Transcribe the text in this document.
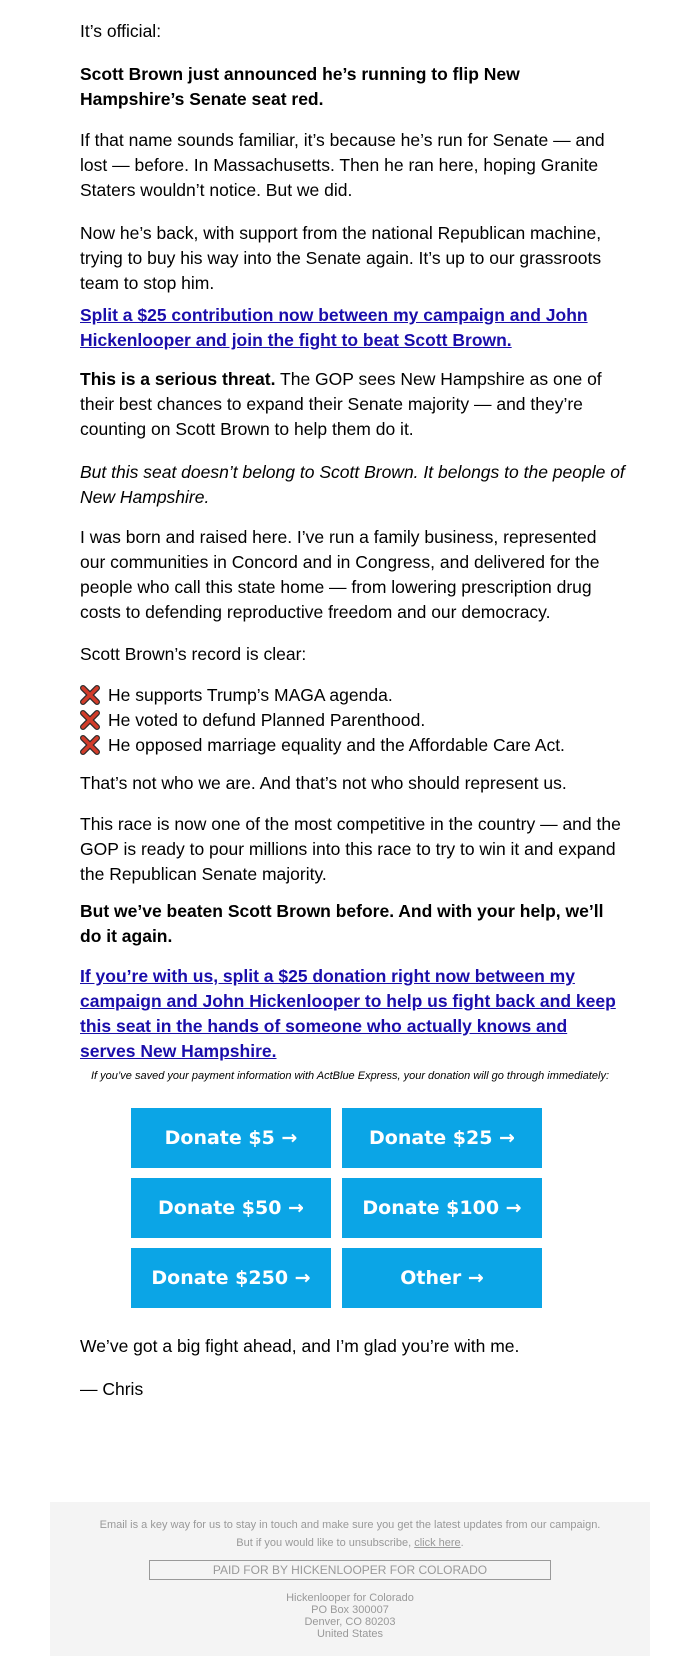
It’s official:
Scott Brown just announced he’s running to flip New Hampshire’s Senate seat red.
If that name sounds familiar, it’s because he’s run for Senate — and lost — before. In Massachusetts. Then he ran here, hoping Granite Staters wouldn’t notice. But we did.
Now he’s back, with support from the national Republican machine, trying to buy his way into the Senate again. It’s up to our grassroots team to stop him.
Split a $25 contribution now between my campaign and John Hickenlooper and join the fight to beat Scott Brown.
This is a serious threat. The GOP sees New Hampshire as one of their best chances to expand their Senate majority — and they’re counting on Scott Brown to help them do it.
But this seat doesn’t belong to Scott Brown. It belongs to the people of New Hampshire.
I was born and raised here. I’ve run a family business, represented our communities in Concord and in Congress, and delivered for the people who call this state home — from lowering prescription drug costs to defending reproductive freedom and our democracy.
Scott Brown’s record is clear:
He supports Trump’s MAGA agenda.
He voted to defund Planned Parenthood.
He opposed marriage equality and the Affordable Care Act.
That’s not who we are. And that’s not who should represent us.
This race is now one of the most competitive in the country — and the GOP is ready to pour millions into this race to try to win it and expand the Republican Senate majority.
But we’ve beaten Scott Brown before. And with your help, we’ll do it again.
If you’re with us, split a $25 donation right now between my campaign and John Hickenlooper to help us fight back and keep this seat in the hands of someone who actually knows and serves New Hampshire.
If you’ve saved your payment information with ActBlue Express, your donation will go through immediately:
Donate $5 →	Donate $25 →
Donate $50 →	Donate $100 →
Donate $250 →	Other →
We’ve got a big fight ahead, and I’m glad you’re with me.
— Chris
Email is a key way for us to stay in touch and make sure you get the latest updates from our campaign.
But if you would like to unsubscribe, click here.
PAID FOR BY HICKENLOOPER FOR COLORADO
Hickenlooper for Colorado
PO Box 300007
Denver, CO 80203
United States
